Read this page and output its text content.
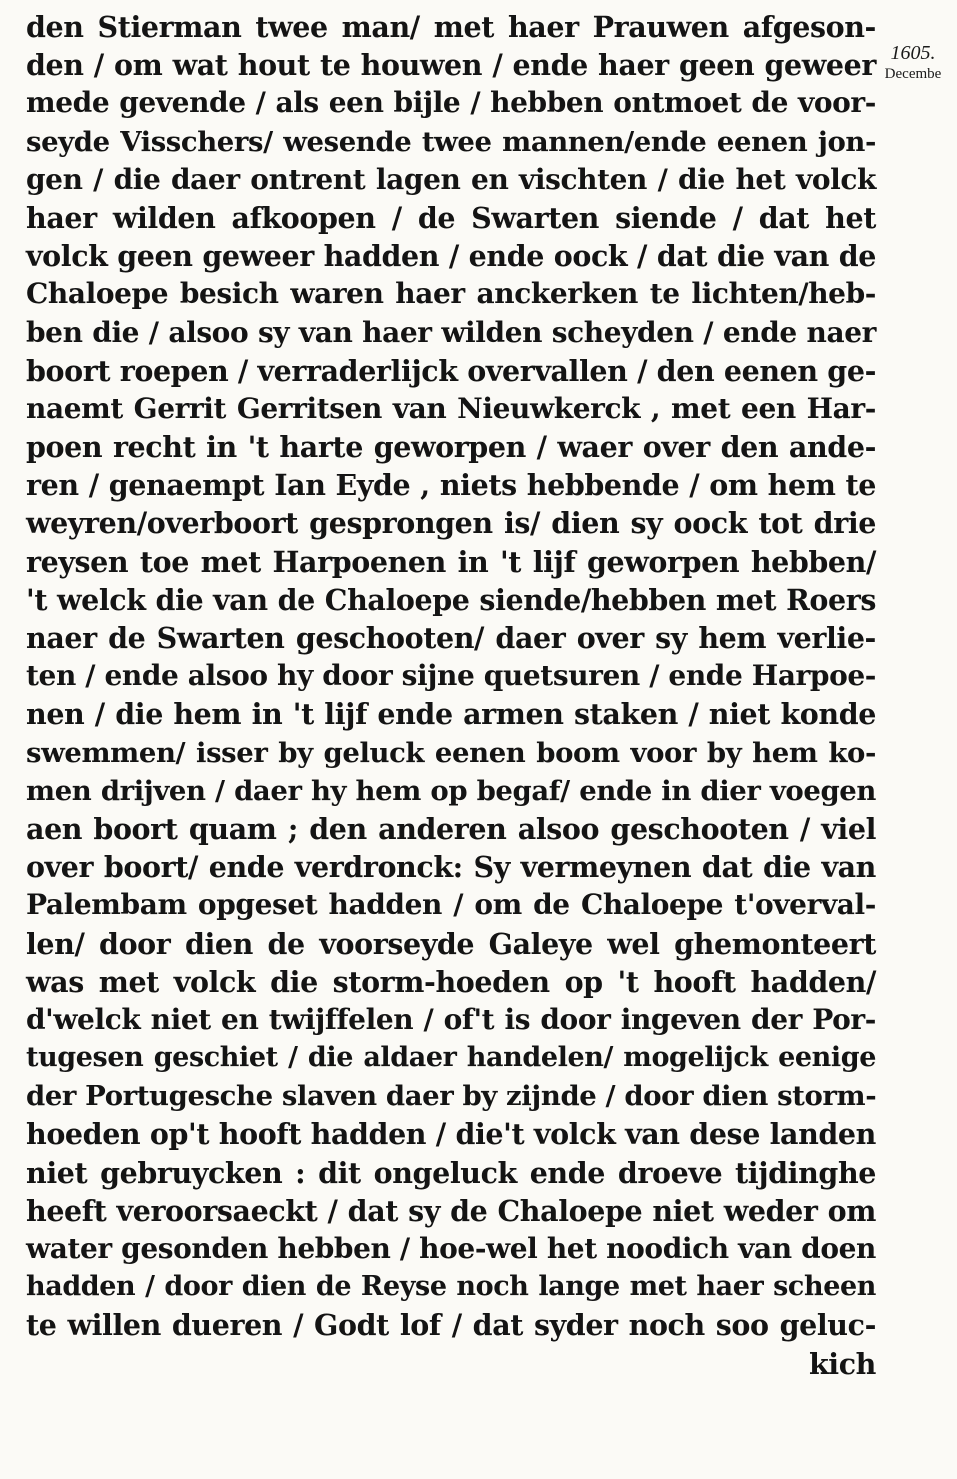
1605.
Decembe
den Stierman twee man/ met haer Prauwen afgeson-
den / om wat hout te houwen / ende haer geen geweer
mede gevende / als een bijle / hebben ontmoet de voor-
seyde Visschers/ wesende twee mannen/ende eenen jon-
gen / die daer ontrent lagen en vischten / die het volck
haer wilden afkoopen / de Swarten siende / dat het
volck geen geweer hadden / ende oock / dat die van de
Chaloepe besich waren haer anckerken te lichten/heb-
ben die / alsoo sy van haer wilden scheyden / ende naer
boort roepen / verraderlijck overvallen / den eenen ge-
naemt Gerrit Gerritsen van Nieuwkerck , met een Har-
poen recht in 't harte geworpen / waer over den ande-
ren / genaempt Ian Eyde , niets hebbende / om hem te
weyren/overboort gesprongen is/ dien sy oock tot drie
reysen toe met Harpoenen in 't lijf geworpen hebben/
't welck die van de Chaloepe siende/hebben met Roers
naer de Swarten geschooten/ daer over sy hem verlie-
ten / ende alsoo hy door sijne quetsuren / ende Harpoe-
nen / die hem in 't lijf ende armen staken / niet konde
swemmen/ isser by geluck eenen boom voor by hem ko-
men drijven / daer hy hem op begaf/ ende in dier voegen
aen boort quam ; den anderen alsoo geschooten / viel
over boort/ ende verdronck: Sy vermeynen dat die van
Palembam opgeset hadden / om de Chaloepe t'overval-
len/ door dien de voorseyde Galeye wel ghemonteert
was met volck die storm-hoeden op 't hooft hadden/
d'welck niet en twijffelen / of't is door ingeven der Por-
tugesen geschiet / die aldaer handelen/ mogelijck eenige
der Portugesche slaven daer by zijnde / door dien storm-
hoeden op't hooft hadden / die't volck van dese landen
niet gebruycken : dit ongeluck ende droeve tijdinghe
heeft veroorsaeckt / dat sy de Chaloepe niet weder om
water gesonden hebben / hoe-wel het noodich van doen
hadden / door dien de Reyse noch lange met haer scheen
te willen dueren / Godt lof / dat syder noch soo geluc-
kich
